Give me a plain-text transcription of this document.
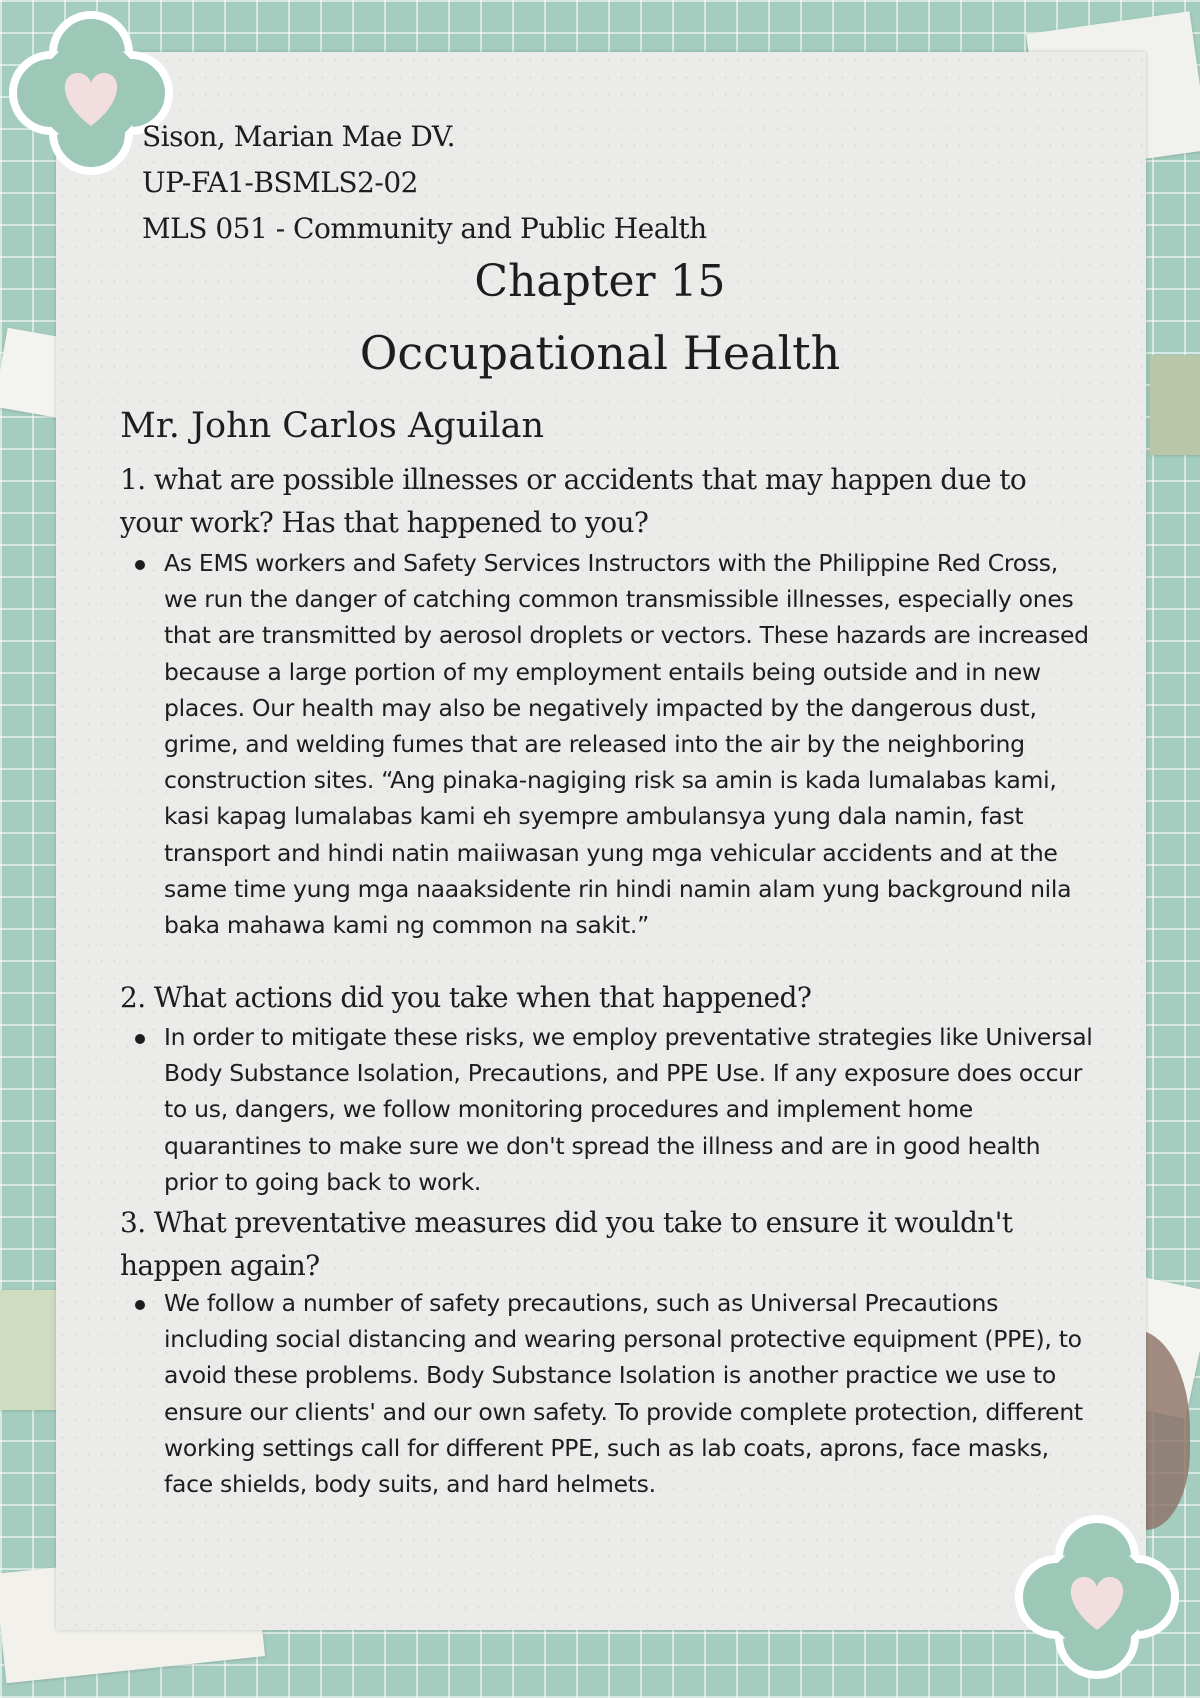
Sison, Marian Mae DV.
UP-FA1-BSMLS2-02
MLS 051 - Community and Public Health
Chapter 15
Occupational Health
Mr. John Carlos Aguilan
1. what are possible illnesses or accidents that may happen due to your work? Has that happened to you?
As EMS workers and Safety Services Instructors with the Philippine Red Cross, we run the danger of catching common transmissible illnesses, especially ones that are transmitted by aerosol droplets or vectors. These hazards are increased because a large portion of my employment entails being outside and in new places. Our health may also be negatively impacted by the dangerous dust, grime, and welding fumes that are released into the air by the neighboring construction sites. “Ang pinaka-nagiging risk sa amin is kada lumalabas kami, kasi kapag lumalabas kami eh syempre ambulansya yung dala namin, fast transport and hindi natin maiiwasan yung mga vehicular accidents and at the same time yung mga naaaksidente rin hindi namin alam yung background nila baka mahawa kami ng common na sakit.”
2. What actions did you take when that happened?
In order to mitigate these risks, we employ preventative strategies like Universal Body Substance Isolation, Precautions, and PPE Use. If any exposure does occur to us, dangers, we follow monitoring procedures and implement home quarantines to make sure we don't spread the illness and are in good health prior to going back to work.
3. What preventative measures did you take to ensure it wouldn't happen again?
We follow a number of safety precautions, such as Universal Precautions including social distancing and wearing personal protective equipment (PPE), to avoid these problems. Body Substance Isolation is another practice we use to ensure our clients' and our own safety. To provide complete protection, different working settings call for different PPE, such as lab coats, aprons, face masks, face shields, body suits, and hard helmets.
